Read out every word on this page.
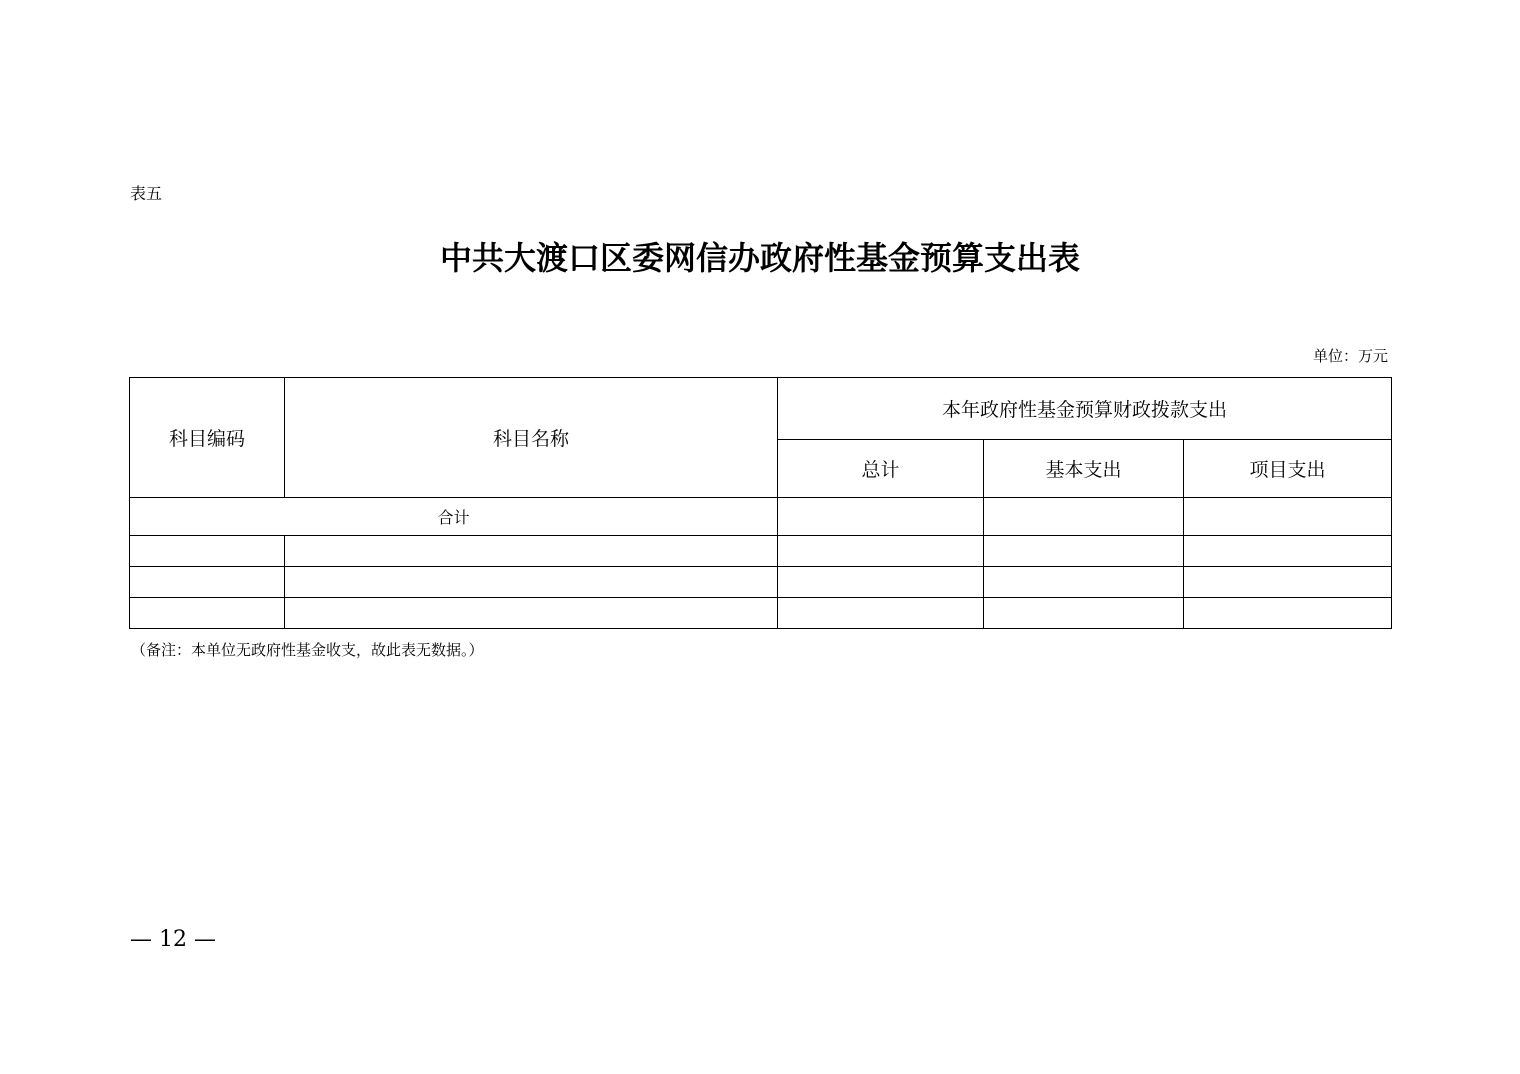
表五
中共大渡口区委网信办政府性基金预算支出表
单位：万元
科目编码	科目名称	本年政府性基金预算财政拨款支出		
		总计	基本支出	项目支出
合计				

（备注：本单位无政府性基金收支，故此表无数据。）
— 12 —
